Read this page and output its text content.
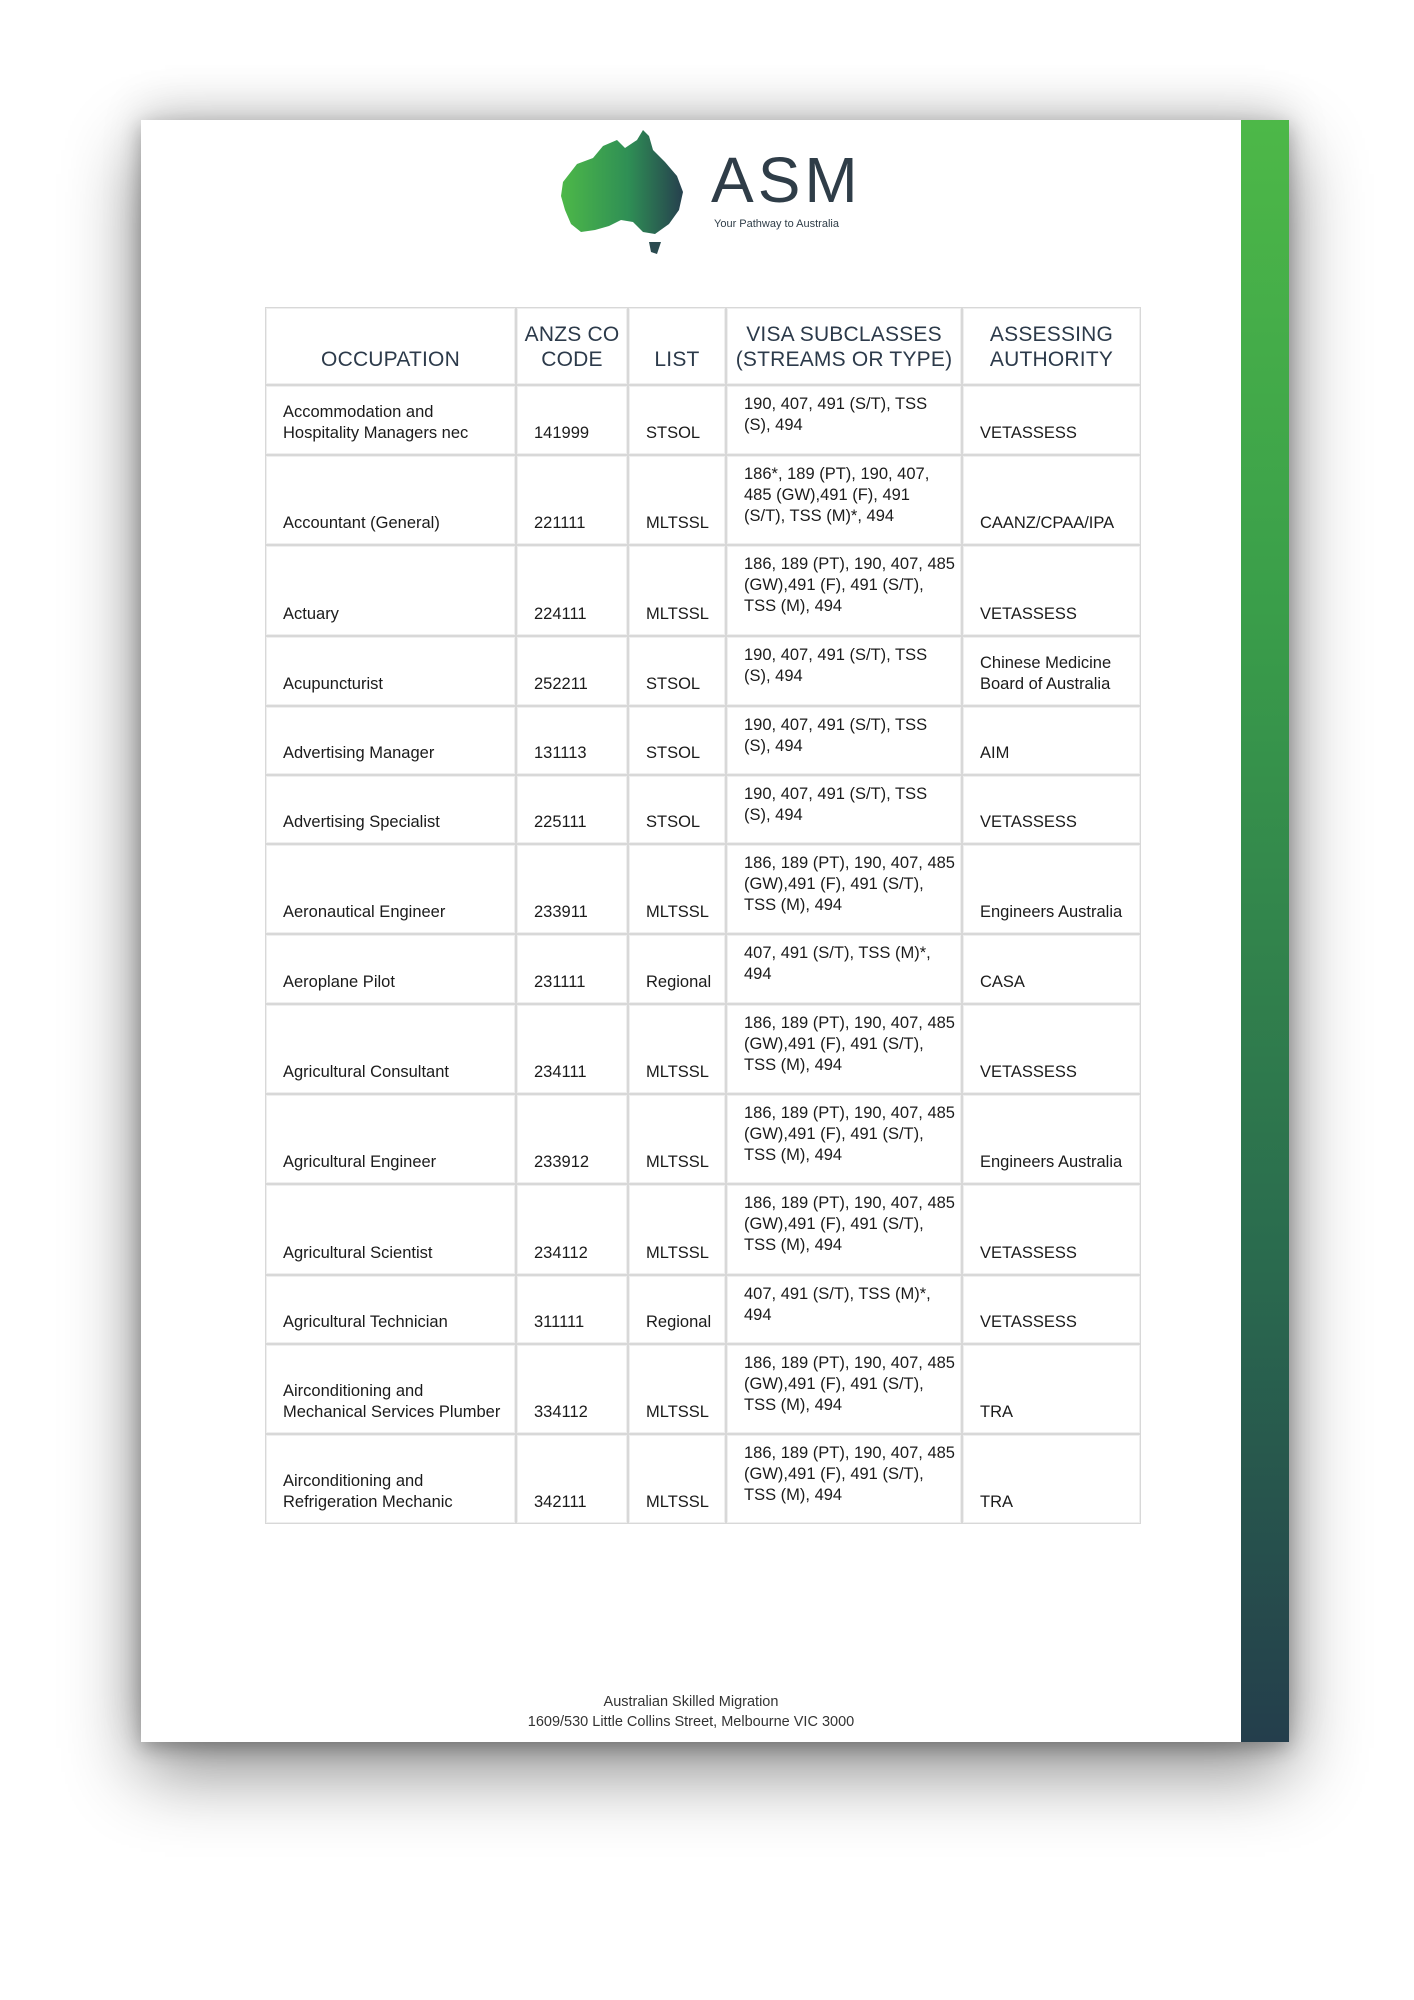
ASM
Your Pathway to Australia
OCCUPATION	ANZS CO CODE	LIST	VISA SUBCLASSES (STREAMS OR TYPE)	ASSESSING AUTHORITY
Accommodation and Hospitality Managers nec	141999	STSOL	190, 407, 491 (S/T), TSS (S), 494	VETASSESS
Accountant (General)	221111	MLTSSL	186*, 189 (PT), 190, 407, 485 (GW),491 (F), 491 (S/T), TSS (M)*, 494	CAANZ/CPAA/IPA
Actuary	224111	MLTSSL	186, 189 (PT), 190, 407, 485 (GW),491 (F), 491 (S/T), TSS (M), 494	VETASSESS
Acupuncturist	252211	STSOL	190, 407, 491 (S/T), TSS (S), 494	Chinese Medicine Board of Australia
Advertising Manager	131113	STSOL	190, 407, 491 (S/T), TSS (S), 494	AIM
Advertising Specialist	225111	STSOL	190, 407, 491 (S/T), TSS (S), 494	VETASSESS
Aeronautical Engineer	233911	MLTSSL	186, 189 (PT), 190, 407, 485 (GW),491 (F), 491 (S/T), TSS (M), 494	Engineers Australia
Aeroplane Pilot	231111	Regional	407, 491 (S/T), TSS (M)*, 494	CASA
Agricultural Consultant	234111	MLTSSL	186, 189 (PT), 190, 407, 485 (GW),491 (F), 491 (S/T), TSS (M), 494	VETASSESS
Agricultural Engineer	233912	MLTSSL	186, 189 (PT), 190, 407, 485 (GW),491 (F), 491 (S/T), TSS (M), 494	Engineers Australia
Agricultural Scientist	234112	MLTSSL	186, 189 (PT), 190, 407, 485 (GW),491 (F), 491 (S/T), TSS (M), 494	VETASSESS
Agricultural Technician	311111	Regional	407, 491 (S/T), TSS (M)*, 494	VETASSESS
Airconditioning and Mechanical Services Plumber	334112	MLTSSL	186, 189 (PT), 190, 407, 485 (GW),491 (F), 491 (S/T), TSS (M), 494	TRA
Airconditioning and Refrigeration Mechanic	342111	MLTSSL	186, 189 (PT), 190, 407, 485 (GW),491 (F), 491 (S/T), TSS (M), 494	TRA
Australian Skilled Migration
1609/530 Little Collins Street, Melbourne VIC 3000
